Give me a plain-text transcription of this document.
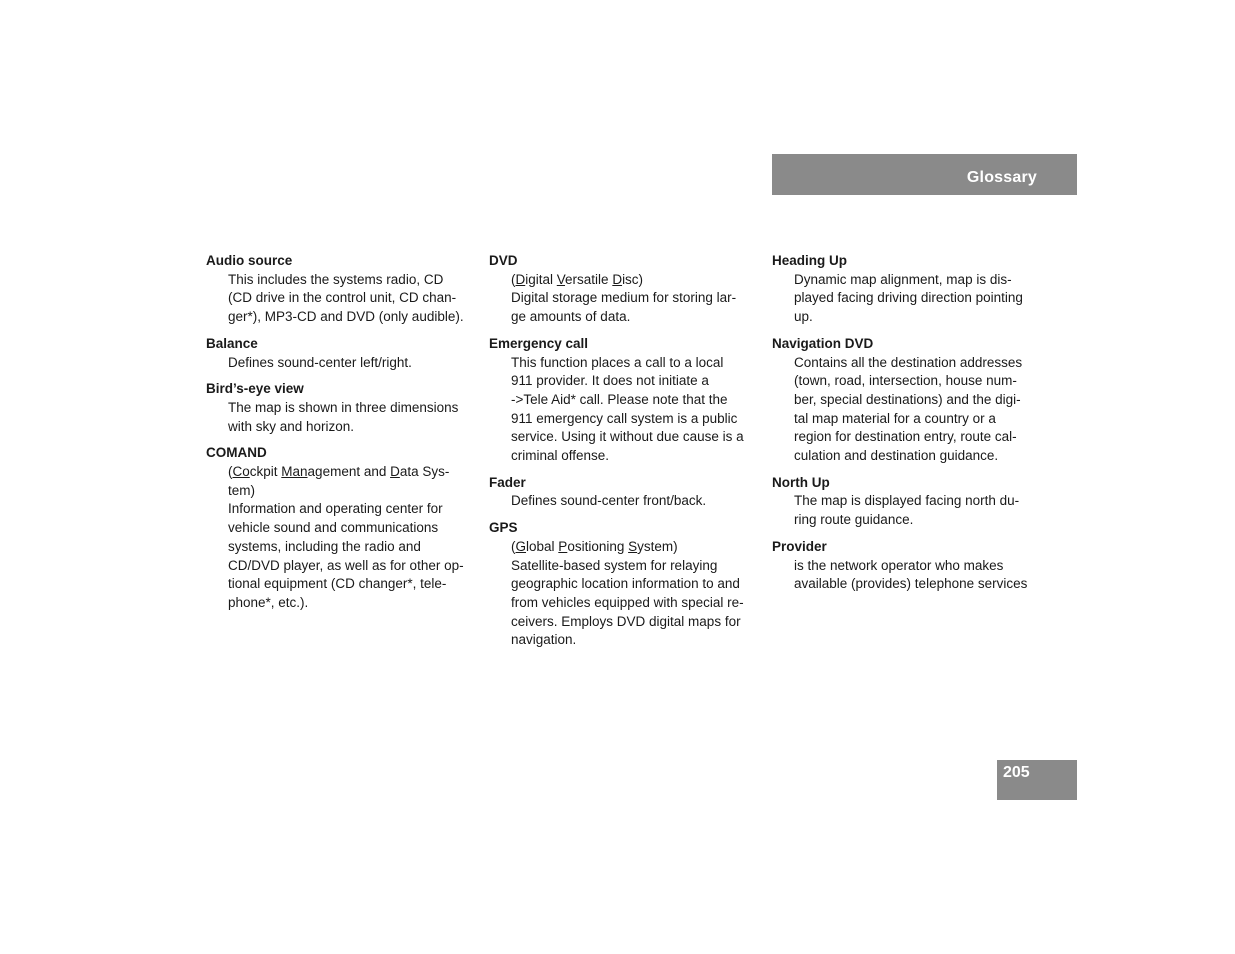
Glossary
Audio source
This includes the systems radio, CD
(CD drive in the control unit, CD chan-
ger*), MP3-CD and DVD (only audible).
Balance
Defines sound-center left/right.
Bird’s-eye view
The map is shown in three dimensions
with sky and horizon.
COMAND
(Cockpit Management and Data Sys-
tem)
Information and operating center for
vehicle sound and communications
systems, including the radio and
CD/DVD player, as well as for other op-
tional equipment (CD changer*, tele-
phone*, etc.).
DVD
(Digital Versatile Disc)
Digital storage medium for storing lar-
ge amounts of data.
Emergency call
This function places a call to a local
911 provider. It does not initiate a
->Tele Aid* call. Please note that the
911 emergency call system is a public
service. Using it without due cause is a
criminal offense.
Fader
Defines sound-center front/back.
GPS
(Global Positioning System)
Satellite-based system for relaying
geographic location information to and
from vehicles equipped with special re-
ceivers. Employs DVD digital maps for
navigation.
Heading Up
Dynamic map alignment, map is dis-
played facing driving direction pointing
up.
Navigation DVD
Contains all the destination addresses
(town, road, intersection, house num-
ber, special destinations) and the digi-
tal map material for a country or a
region for destination entry, route cal-
culation and destination guidance.
North Up
The map is displayed facing north du-
ring route guidance.
Provider
is the network operator who makes
available (provides) telephone services
205
